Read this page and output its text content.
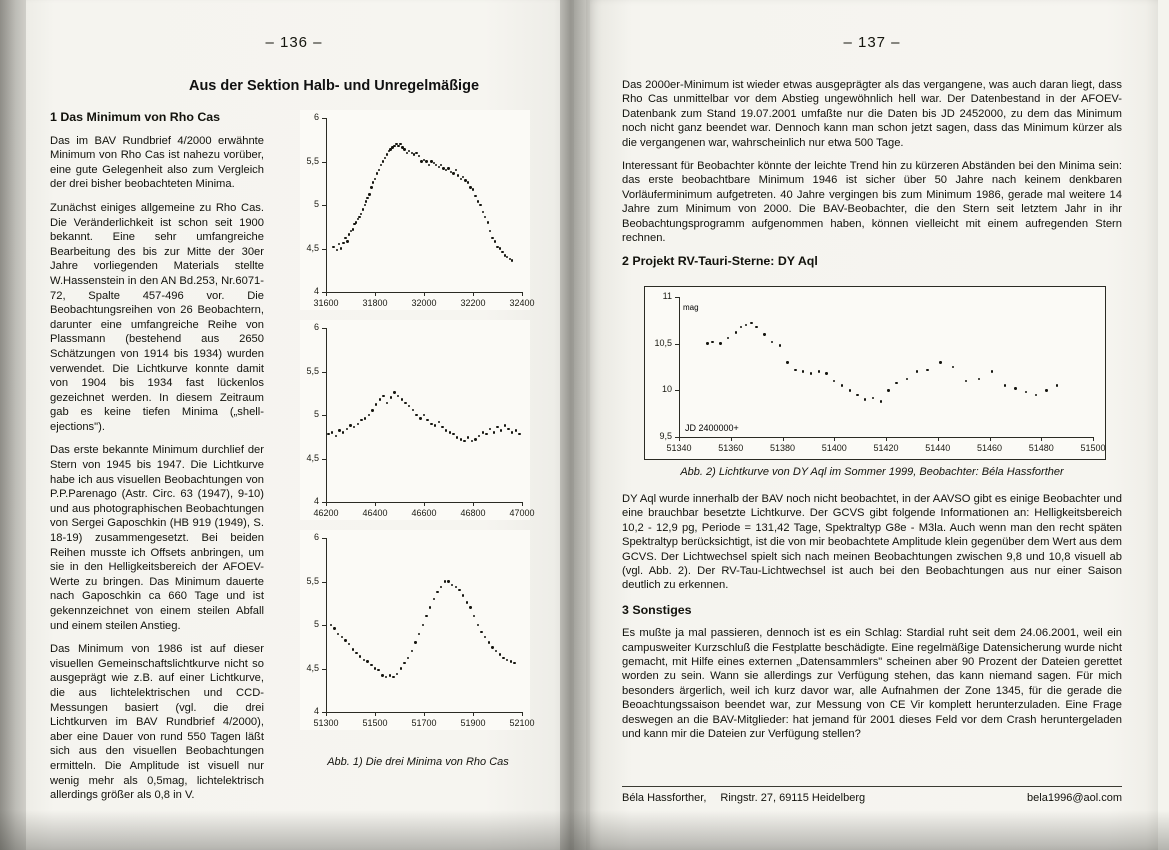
– 136 –
Aus der Sektion Halb- und Unregelmäßige

1 Das Minimum von Rho Cas

Das im BAV Rundbrief 4/2000 erwähnte Minimum von Rho Cas ist nahezu vorüber, eine gute Gelegenheit also zum Vergleich der drei bisher beobachteten Minima.

Zunächst einiges allgemeine zu Rho Cas. Die Veränderlichkeit ist schon seit 1900 bekannt. Eine sehr umfangreiche Bearbeitung des bis zur Mitte der 30er Jahre vorliegenden Materials stellte W.Hassenstein in den AN Bd.253, Nr.6071-72, Spalte 457-496 vor. Die Beobachtungsreihen von 26 Beobachtern, darunter eine umfangreiche Reihe von Plassmann (bestehend aus 2650 Schätzungen von 1914 bis 1934) wurden verwendet. Die Lichtkurve konnte damit von 1904 bis 1934 fast lückenlos gezeichnet werden. In diesem Zeitraum gab es keine tiefen Minima („shell-ejections").

Das erste bekannte Minimum durchlief der Stern von 1945 bis 1947. Die Lichtkurve habe ich aus visuellen Beobachtungen von P.P.Parenago (Astr. Circ. 63 (1947), 9-10) und aus photographischen Beobachtungen von Sergei Gaposchkin (HB 919 (1949), S. 18-19) zusammengesetzt. Bei beiden Reihen musste ich Offsets anbringen, um sie in den Helligkeitsbereich der AFOEV-Werte zu bringen. Das Minimum dauerte nach Gaposchkin ca 660 Tage und ist gekennzeichnet von einem steilen Abfall und einem steilen Anstieg.

Das Minimum von 1986 ist auf dieser visuellen Gemeinschaftslichtkurve nicht so ausgeprägt wie z.B. auf einer Lichtkurve, die aus lichtelektrischen und CCD-Messungen basiert (vgl. die drei Lichtkurven im BAV Rundbrief 4/2000), aber eine Dauer von rund 550 Tagen läßt sich aus den visuellen Beobachtungen ermitteln. Die Amplitude ist visuell nur wenig mehr als 0,5mag, lichtelektrisch allerdings größer als 0,8 in V.

31600	31800	32000	32200	32400
4
4,5
5
5,5
6
46200	46400	46600	46800	47000
4
4,5
5
5,5
6
51300	51500	51700	51900	52100
4
4,5
5
5,5
6
Abb. 1) Die drei Minima von Rho Cas
– 137 –

Das 2000er-Minimum ist wieder etwas ausgeprägter als das vergangene, was auch daran liegt, dass Rho Cas unmittelbar vor dem Abstieg ungewöhnlich hell war. Der Datenbestand in der AFOEV-Datenbank zum Stand 19.07.2001 umfaßte nur die Daten bis JD 2452000, zu dem das Minimum noch nicht ganz beendet war. Dennoch kann man schon jetzt sagen, dass das Minimum kürzer als die vergangenen war, wahrscheinlich nur etwa 500 Tage.

Interessant für Beobachter könnte der leichte Trend hin zu kürzeren Abständen bei den Minima sein: das erste beobachtbare Minimum 1946 ist sicher über 50 Jahre nach keinem denkbaren Vorläuferminimum aufgetreten. 40 Jahre vergingen bis zum Minimum 1986, gerade mal weitere 14 Jahre zum Minimum von 2000. Die BAV-Beobachter, die den Stern seit letztem Jahr in ihr Beobachtungsprogramm aufgenommen haben, können vielleicht mit einem aufregenden Stern rechnen.

2 Projekt RV-Tauri-Sterne: DY Aql

51340	51360	51380	51400	51420	51440	51460	51480	51500
9,5
10
10,5
11
mag
JD 2400000+
Abb. 2) Lichtkurve von DY Aql im Sommer 1999, Beobachter: Béla Hassforther

DY Aql wurde innerhalb der BAV noch nicht beobachtet, in der AAVSO gibt es einige Beobachter und eine brauchbar besetzte Lichtkurve. Der GCVS gibt folgende Informationen an: Helligkeitsbereich 10,2 - 12,9 pg, Periode = 131,42 Tage, Spektraltyp G8e - M3la. Auch wenn man den recht späten Spektraltyp berücksichtigt, ist die von mir beobachtete Amplitude klein gegenüber dem Wert aus dem GCVS. Der Lichtwechsel spielt sich nach meinen Beobachtungen zwischen 9,8 und 10,8 visuell ab (vgl. Abb. 2). Der RV-Tau-Lichtwechsel ist auch bei den Beobachtungen aus nur einer Saison deutlich zu erkennen.

3 Sonstiges

Es mußte ja mal passieren, dennoch ist es ein Schlag: Stardial ruht seit dem 24.06.2001, weil ein campusweiter Kurzschluß die Festplatte beschädigte. Eine regelmäßige Datensicherung wurde nicht gemacht, mit Hilfe eines externen „Datensammlers" scheinen aber 90 Prozent der Dateien gerettet worden zu sein. Wann sie allerdings zur Verfügung stehen, das kann niemand sagen. Für mich besonders ärgerlich, weil ich kurz davor war, alle Aufnahmen der Zone 1345, für die gerade die Beoachtungssaison beendet war, zur Messung von CE Vir komplett herunterzuladen. Eine Frage deswegen an die BAV-Mitglieder: hat jemand für 2001 dieses Feld vor dem Crash heruntergeladen und kann mir die Dateien zur Verfügung stellen?

Béla Hassforther,	Ringstr. 27, 69115 Heidelberg	bela1996@aol.com
